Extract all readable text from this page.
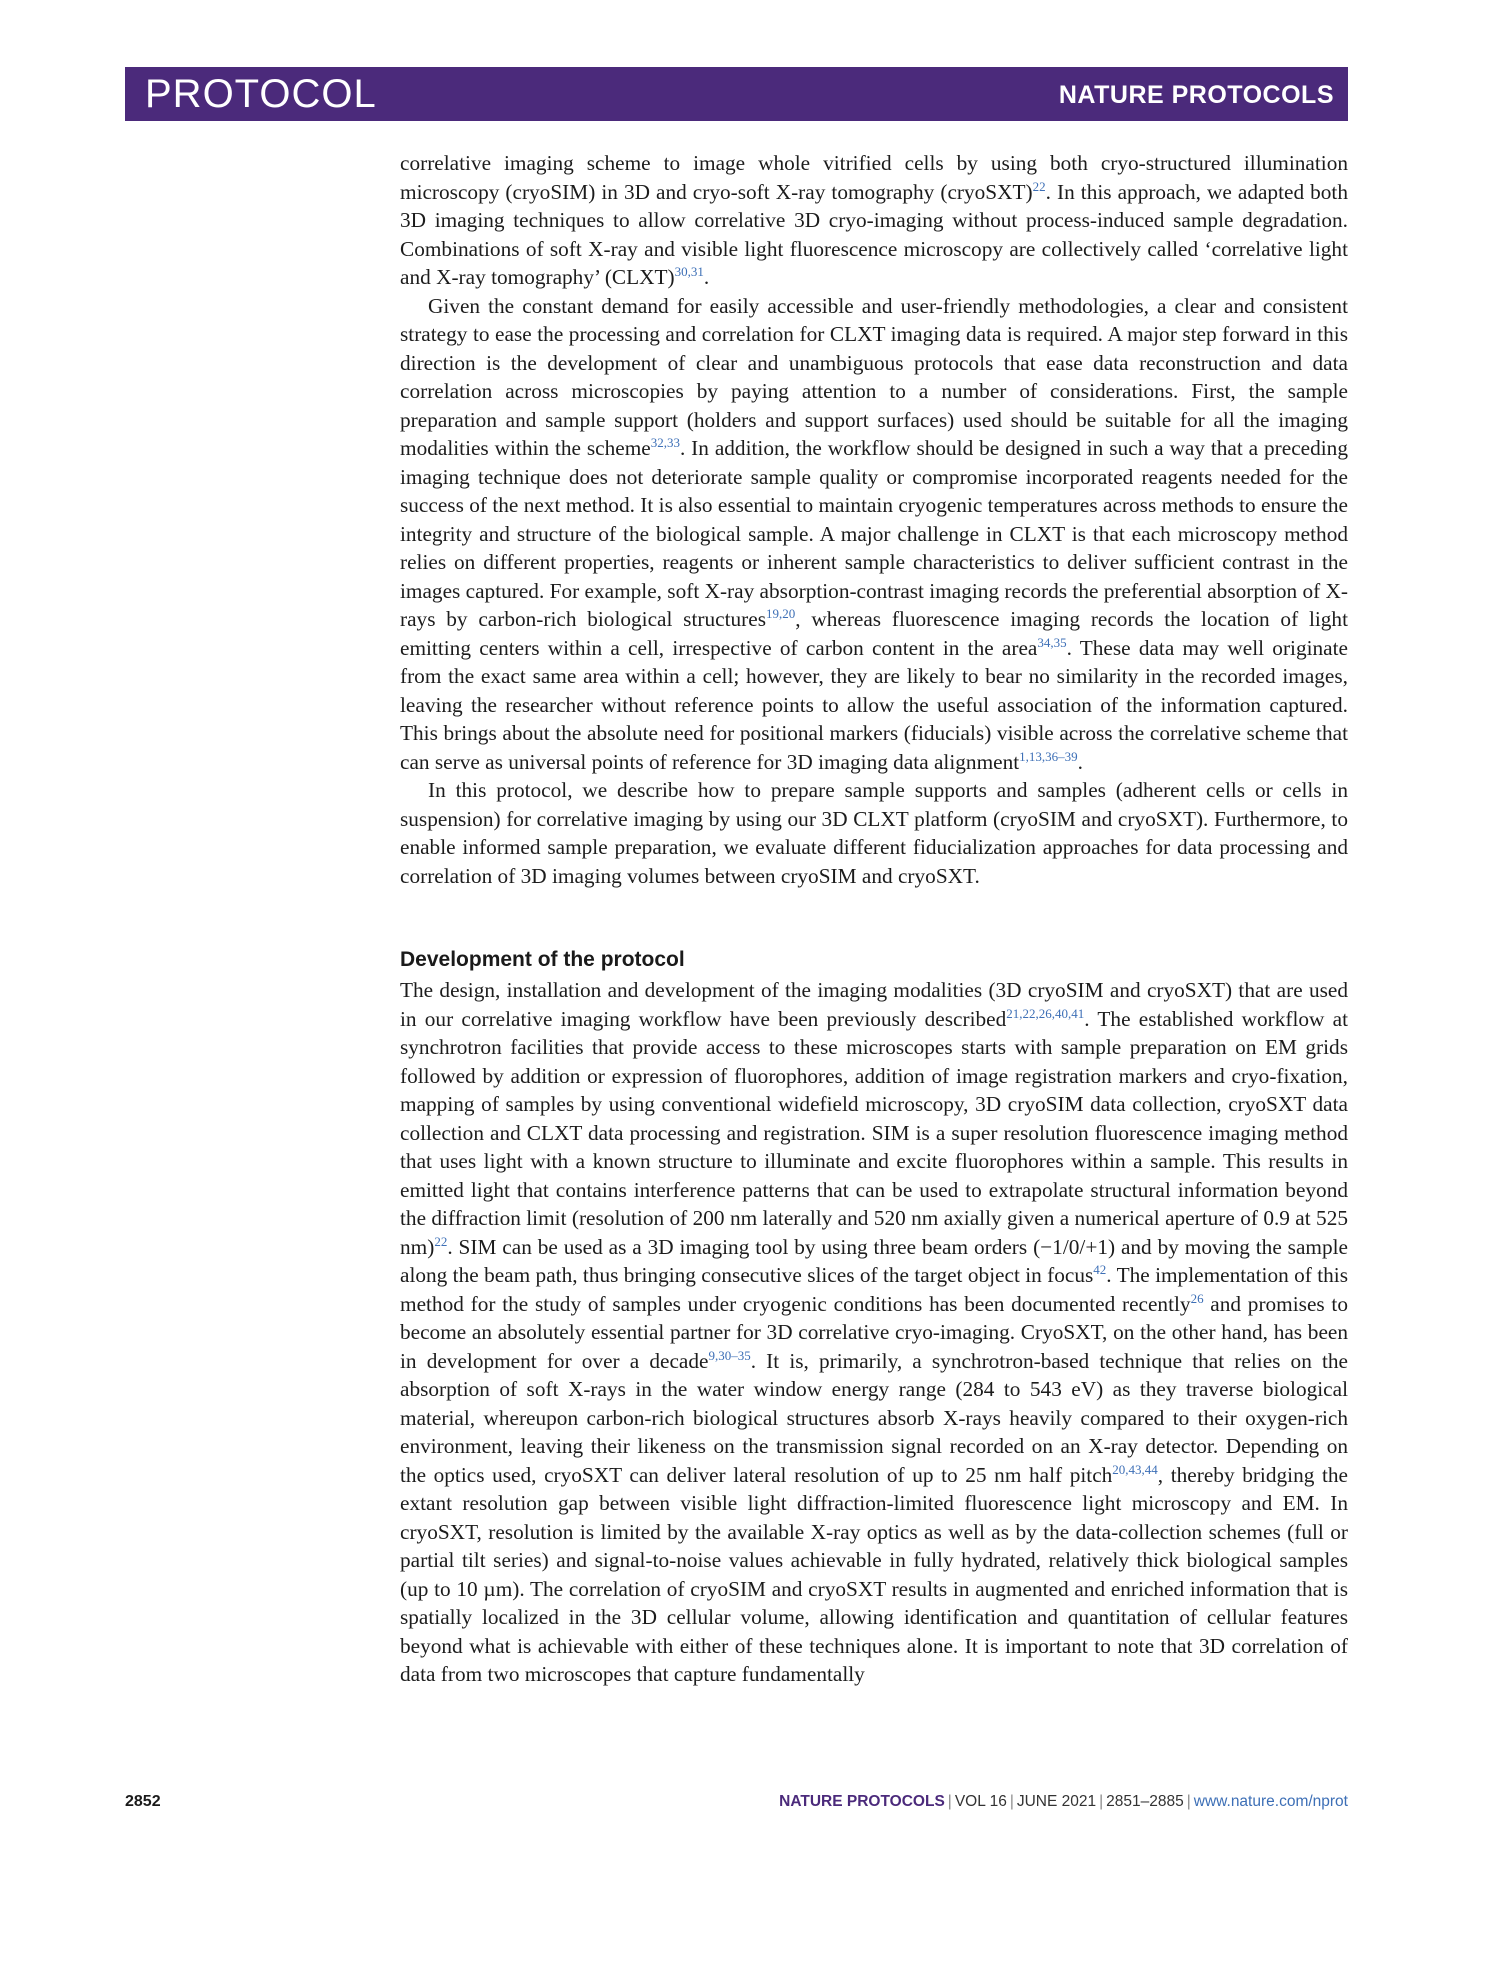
PROTOCOL	NATURE PROTOCOLS

correlative imaging scheme to image whole vitrified cells by using both cryo-structured illumination microscopy (cryoSIM) in 3D and cryo-soft X-ray tomography (cryoSXT)$^{22}$. In this approach, we adapted both 3D imaging techniques to allow correlative 3D cryo-imaging without process-induced sample degradation. Combinations of soft X-ray and visible light fluorescence microscopy are collectively called ‘correlative light and X-ray tomography’ (CLXT)$^{30,31}$.

Given the constant demand for easily accessible and user-friendly methodologies, a clear and consistent strategy to ease the processing and correlation for CLXT imaging data is required. A major step forward in this direction is the development of clear and unambiguous protocols that ease data reconstruction and data correlation across microscopies by paying attention to a number of considerations. First, the sample preparation and sample support (holders and support surfaces) used should be suitable for all the imaging modalities within the scheme$^{32,33}$. In addition, the workflow should be designed in such a way that a preceding imaging technique does not deteriorate sample quality or compromise incorporated reagents needed for the success of the next method. It is also essential to maintain cryogenic temperatures across methods to ensure the integrity and structure of the biological sample. A major challenge in CLXT is that each microscopy method relies on different properties, reagents or inherent sample characteristics to deliver sufficient contrast in the images captured. For example, soft X-ray absorption-contrast imaging records the preferential absorption of X-rays by carbon-rich biological structures$^{19,20}$, whereas fluorescence imaging records the location of light emitting centers within a cell, irrespective of carbon content in the area$^{34,35}$. These data may well originate from the exact same area within a cell; however, they are likely to bear no similarity in the recorded images, leaving the researcher without reference points to allow the useful association of the information captured. This brings about the absolute need for positional markers (fiducials) visible across the correlative scheme that can serve as universal points of reference for 3D imaging data alignment$^{1,13,36-39}$.

In this protocol, we describe how to prepare sample supports and samples (adherent cells or cells in suspension) for correlative imaging by using our 3D CLXT platform (cryoSIM and cryoSXT). Furthermore, to enable informed sample preparation, we evaluate different fiducialization approaches for data processing and correlation of 3D imaging volumes between cryoSIM and cryoSXT.

Development of the protocol

The design, installation and development of the imaging modalities (3D cryoSIM and cryoSXT) that are used in our correlative imaging workflow have been previously described$^{21,22,26,40,41}$. The established workflow at synchrotron facilities that provide access to these microscopes starts with sample preparation on EM grids followed by addition or expression of fluorophores, addition of image registration markers and cryo-fixation, mapping of samples by using conventional widefield microscopy, 3D cryoSIM data collection, cryoSXT data collection and CLXT data processing and registration. SIM is a super resolution fluorescence imaging method that uses light with a known structure to illuminate and excite fluorophores within a sample. This results in emitted light that contains interference patterns that can be used to extrapolate structural information beyond the diffraction limit (resolution of 200 nm laterally and 520 nm axially given a numerical aperture of 0.9 at 525 nm)$^{22}$. SIM can be used as a 3D imaging tool by using three beam orders (−1/0/+1) and by moving the sample along the beam path, thus bringing consecutive slices of the target object in focus$^{42}$. The implementation of this method for the study of samples under cryogenic conditions has been documented recently$^{26}$ and promises to become an absolutely essential partner for 3D correlative cryo-imaging. CryoSXT, on the other hand, has been in development for over a decade$^{9,30-35}$. It is, primarily, a synchrotron-based technique that relies on the absorption of soft X-rays in the water window energy range (284 to 543 eV) as they traverse biological material, whereupon carbon-rich biological structures absorb X-rays heavily compared to their oxygen-rich environment, leaving their likeness on the transmission signal recorded on an X-ray detector. Depending on the optics used, cryoSXT can deliver lateral resolution of up to 25 nm half pitch$^{20,43,44}$, thereby bridging the extant resolution gap between visible light diffraction-limited fluorescence light microscopy and EM. In cryoSXT, resolution is limited by the available X-ray optics as well as by the data-collection schemes (full or partial tilt series) and signal-to-noise values achievable in fully hydrated, relatively thick biological samples (up to 10 µm). The correlation of cryoSIM and cryoSXT results in augmented and enriched information that is spatially localized in the 3D cellular volume, allowing identification and quantitation of cellular features beyond what is achievable with either of these techniques alone. It is important to note that 3D correlation of data from two microscopes that capture fundamentally

2852	NATURE PROTOCOLS | VOL 16 | JUNE 2021 | 2851–2885 | www.nature.com/nprot
